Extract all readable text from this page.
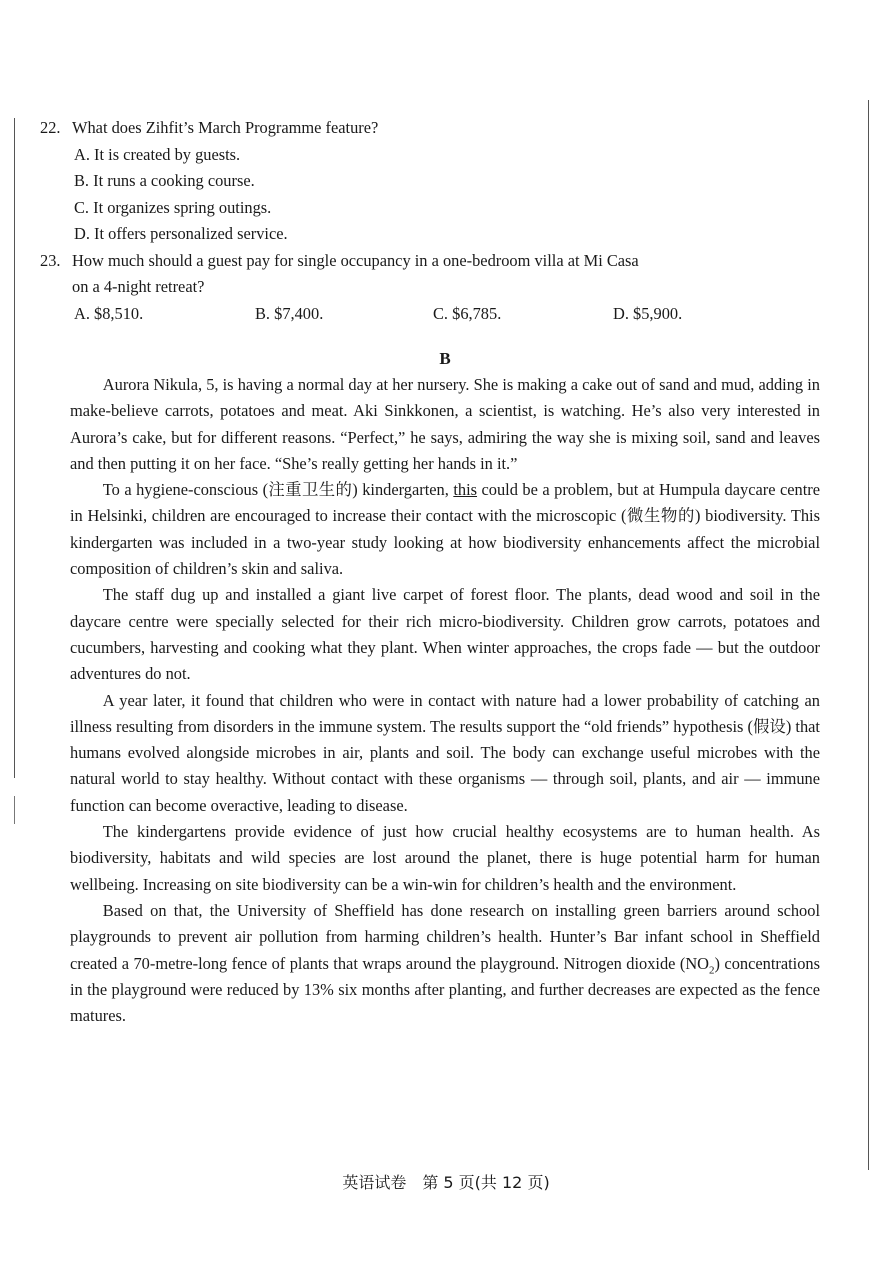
22. What does Zihfit’s March Programme feature?
A. It is created by guests.
B. It runs a cooking course.
C. It organizes spring outings.
D. It offers personalized service.
23. How much should a guest pay for single occupancy in a one-bedroom villa at Mi Casa
on a 4-night retreat?
A. $8,510.	B. $7,400.	C. $6,785.	D. $5,900.
B

Aurora Nikula, 5, is having a normal day at her nursery. She is making a cake out of sand and mud, adding in make-believe carrots, potatoes and meat. Aki Sinkkonen, a scientist, is watching. He’s also very interested in Aurora’s cake, but for different reasons. “Perfect,” he says, admiring the way she is mixing soil, sand and leaves and then putting it on her face. “She’s really getting her hands in it.”

To a hygiene-conscious (注重卫生的) kindergarten, this could be a problem, but at Humpula daycare centre in Helsinki, children are encouraged to increase their contact with the microscopic (微生物的) biodiversity. This kindergarten was included in a two-year study looking at how biodiversity enhancements affect the microbial composition of children’s skin and saliva.

The staff dug up and installed a giant live carpet of forest floor. The plants, dead wood and soil in the daycare centre were specially selected for their rich micro-biodiversity. Children grow carrots, potatoes and cucumbers, harvesting and cooking what they plant. When winter approaches, the crops fade — but the outdoor adventures do not.

A year later, it found that children who were in contact with nature had a lower probability of catching an illness resulting from disorders in the immune system. The results support the “old friends” hypothesis (假设) that humans evolved alongside microbes in air, plants and soil. The body can exchange useful microbes with the natural world to stay healthy. Without contact with these organisms — through soil, plants, and air — immune function can become overactive, leading to disease.

The kindergartens provide evidence of just how crucial healthy ecosystems are to human health. As biodiversity, habitats and wild species are lost around the planet, there is huge potential harm for human wellbeing. Increasing on site biodiversity can be a win-win for children’s health and the environment.

Based on that, the University of Sheffield has done research on installing green barriers around school playgrounds to prevent air pollution from harming children’s health. Hunter’s Bar infant school in Sheffield created a 70-metre-long fence of plants that wraps around the playground. Nitrogen dioxide $(NO_2)$ concentrations in the playground were reduced by 13% six months after planting, and further decreases are expected as the fence matures.

英语试卷　第 5 页(共 12 页)
